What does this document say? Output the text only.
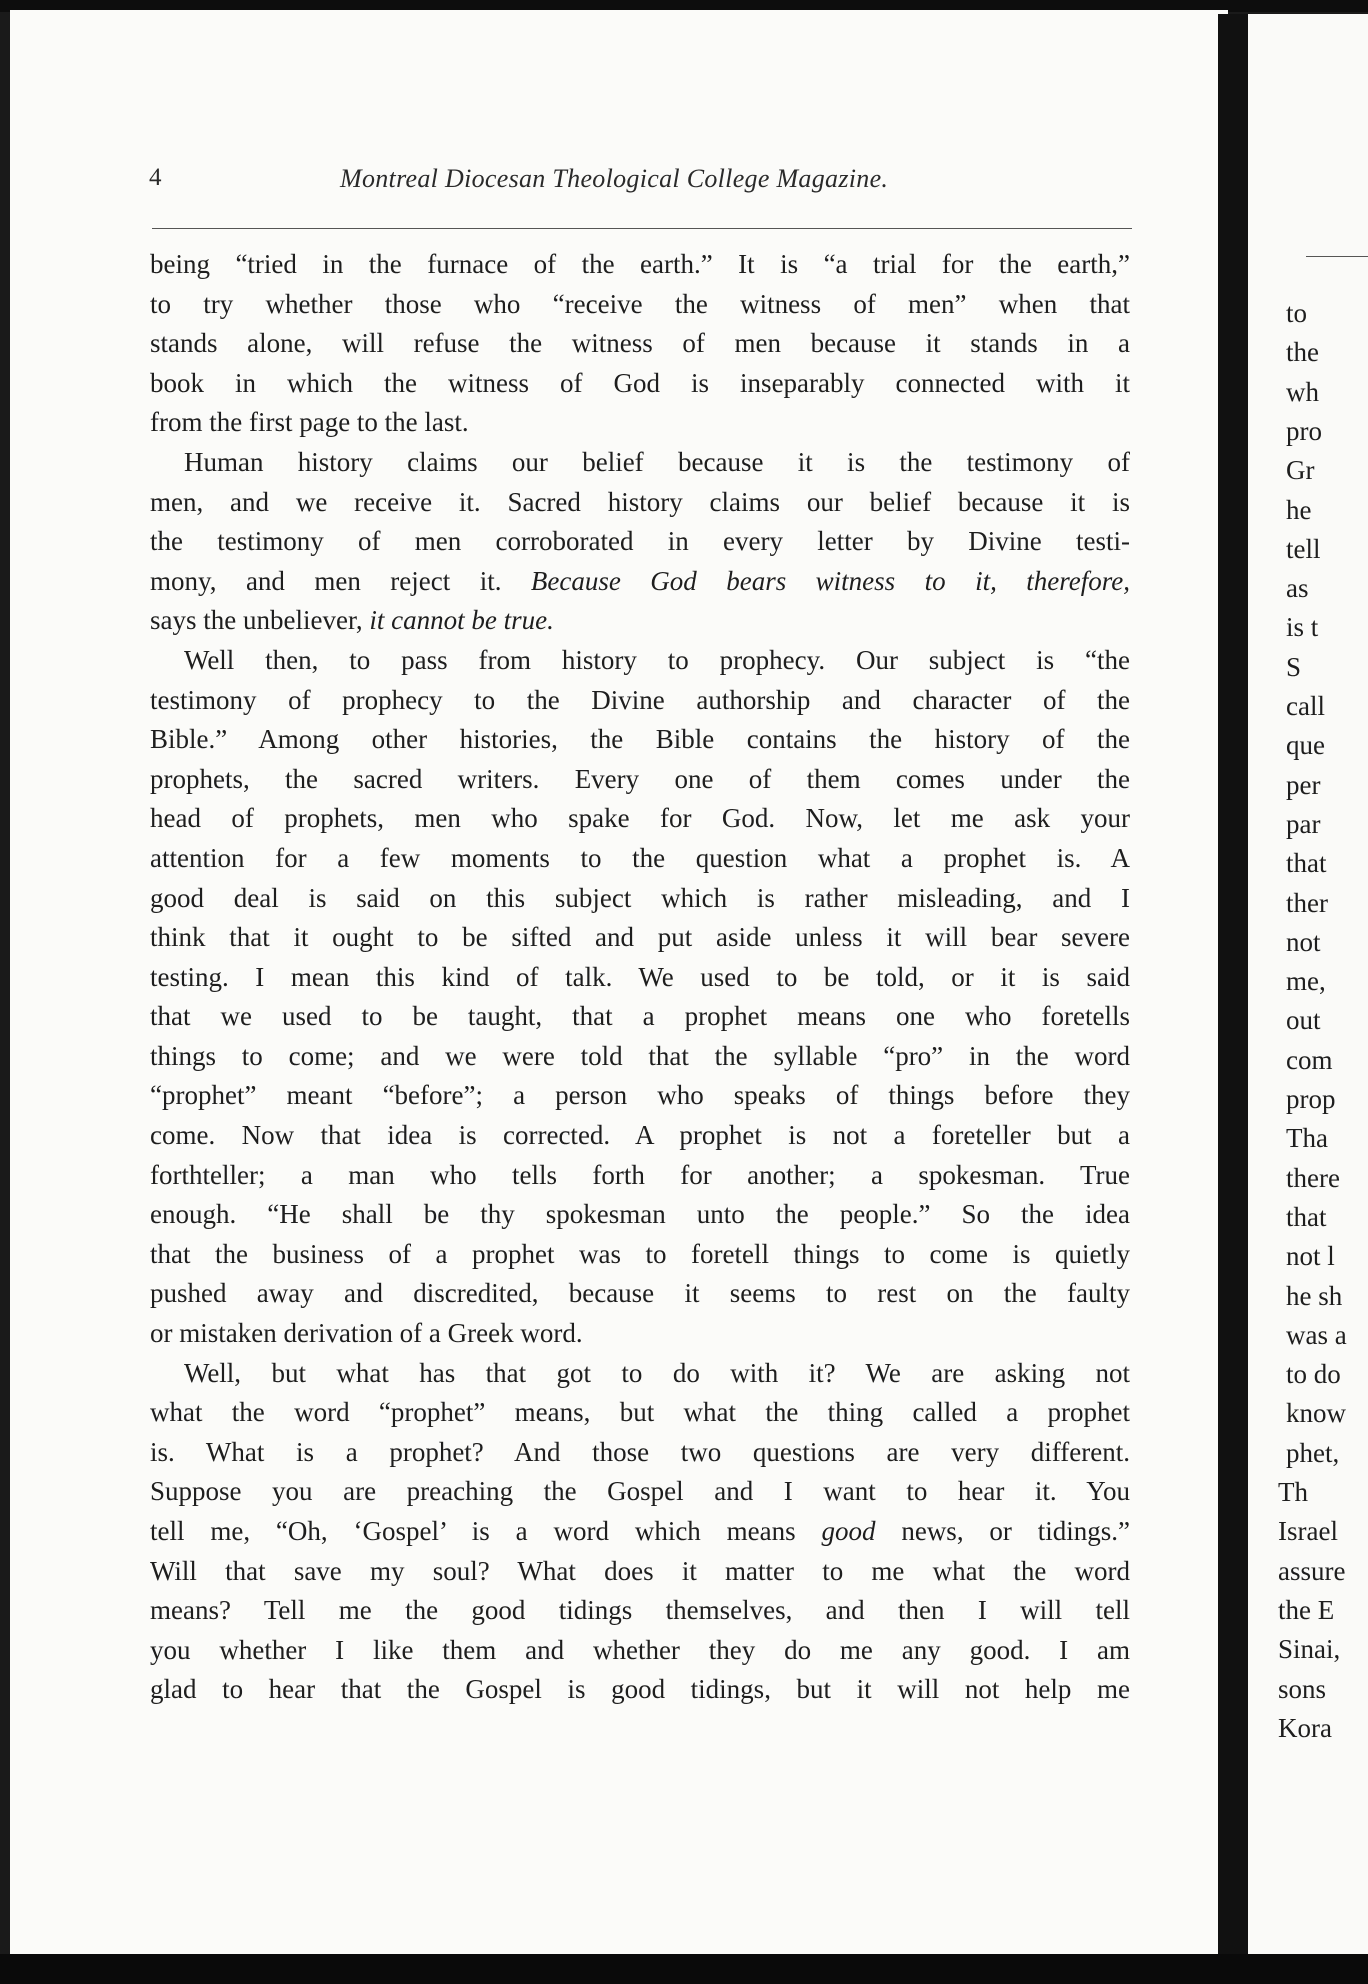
4	Montreal Diocesan Theological College Magazine.
being “tried in the furnace of the earth.” It is “a trial for the earth,”
to try whether those who “receive the witness of men” when that
stands alone, will refuse the witness of men because it stands in a
book in which the witness of God is inseparably connected with it
from the first page to the last.
Human history claims our belief because it is the testimony of
men, and we receive it. Sacred history claims our belief because it is
the testimony of men corroborated in every letter by Divine testi-
mony, and men reject it. Because God bears witness to it, therefore,
says the unbeliever, it cannot be true.
Well then, to pass from history to prophecy. Our subject is “the
testimony of prophecy to the Divine authorship and character of the
Bible.” Among other histories, the Bible contains the history of the
prophets, the sacred writers. Every one of them comes under the
head of prophets, men who spake for God. Now, let me ask your
attention for a few moments to the question what a prophet is. A
good deal is said on this subject which is rather misleading, and I
think that it ought to be sifted and put aside unless it will bear severe
testing. I mean this kind of talk. We used to be told, or it is said
that we used to be taught, that a prophet means one who foretells
things to come; and we were told that the syllable “pro” in the word
“prophet” meant “before”; a person who speaks of things before they
come. Now that idea is corrected. A prophet is not a foreteller but a
forthteller; a man who tells forth for another; a spokesman. True
enough. “He shall be thy spokesman unto the people.” So the idea
that the business of a prophet was to foretell things to come is quietly
pushed away and discredited, because it seems to rest on the faulty
or mistaken derivation of a Greek word.
Well, but what has that got to do with it? We are asking not
what the word “prophet” means, but what the thing called a prophet
is. What is a prophet? And those two questions are very different.
Suppose you are preaching the Gospel and I want to hear it. You
tell me, “Oh, ‘Gospel’ is a word which means good news, or tidings.”
Will that save my soul? What does it matter to me what the word
means? Tell me the good tidings themselves, and then I will tell
you whether I like them and whether they do me any good. I am
glad to hear that the Gospel is good tidings, but it will not help me
to
the
wh
pro
Gr
he
tell
as
is t
S
call
que
per
par
that
ther
not
me,
out
com
prop
Tha
there
that
not l
he sh
was a
to do
know
phet,
Th
Israel
assure
the E
Sinai,
sons
Kora
